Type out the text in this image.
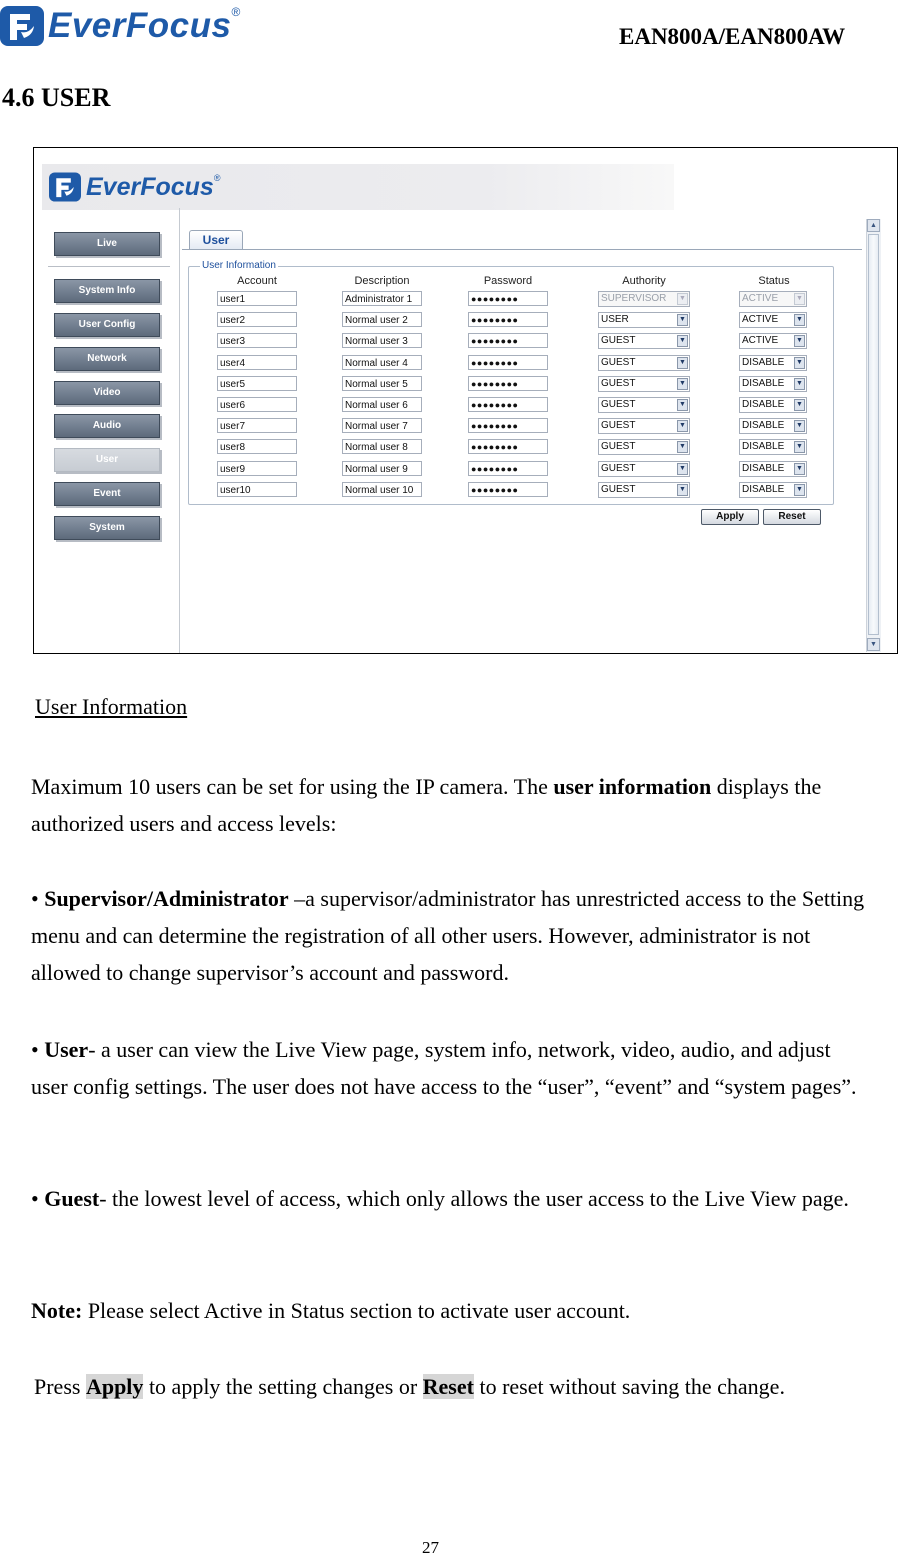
EverFocus ®
EAN800A/EAN800AW
4.6 USER
EverFocus ®
Live
System Info
User Config
Network
Video
Audio
User
Event
System
User
User Information
Account	Description	Password	Authority	Status
user1	Administrator 1	●●●●●●●●	SUPERVISOR ▼	ACTIVE	▼
user2	Normal user 2	●●●●●●●●	USER	▼	ACTIVE	▼
user3	Normal user 3	●●●●●●●●	GUEST	▼	ACTIVE	▼
user4	Normal user 4	●●●●●●●●	GUEST	▼	DISABLE ▼
user5	Normal user 5	●●●●●●●●	GUEST	▼	DISABLE ▼
user6	Normal user 6	●●●●●●●●	GUEST	▼	DISABLE ▼
user7	Normal user 7	●●●●●●●●	GUEST	▼	DISABLE ▼
user8	Normal user 8	●●●●●●●●	GUEST	▼	DISABLE ▼
user9	Normal user 9	●●●●●●●●	GUEST	▼	DISABLE ▼
user10	Normal user 10	●●●●●●●●	GUEST	▼	DISABLE ▼
Apply	Reset
▲
▼
User Information
Maximum 10 users can be set for using the IP camera. The user information displays the authorized users and access levels:
• Supervisor/Administrator –a supervisor/administrator has unrestricted access to the Setting menu and can determine the registration of all other users. However, administrator is not allowed to change supervisor’s account and password.
• User- a user can view the Live View page, system info, network, video, audio, and adjust user config settings. The user does not have access to the “user”, “event” and “system pages”.
• Guest- the lowest level of access, which only allows the user access to the Live View page.
Note: Please select Active in Status section to activate user account.
Press Apply to apply the setting changes or Reset to reset without saving the change.
27
